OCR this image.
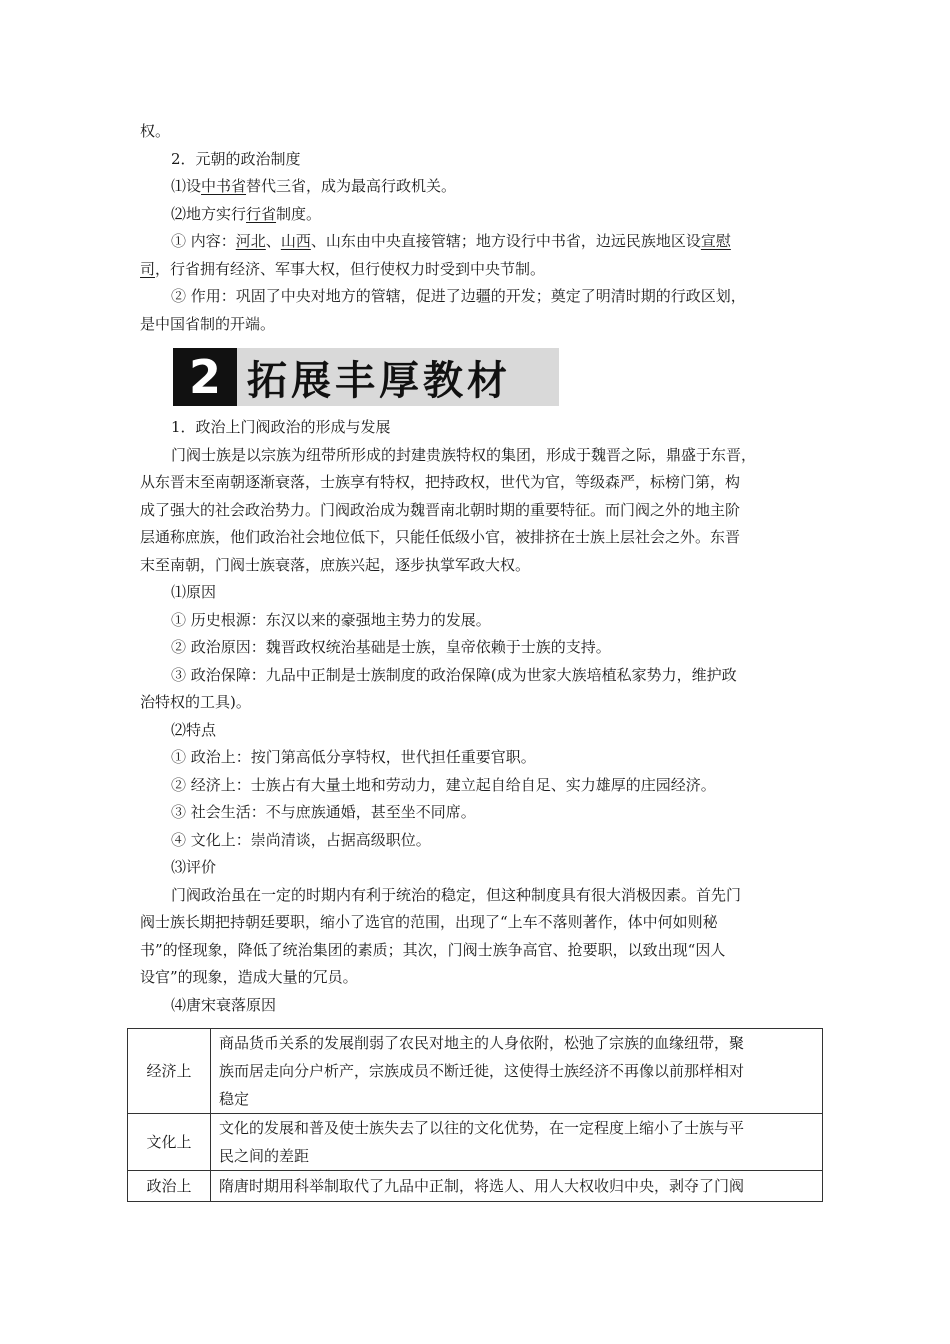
权。
2．元朝的政治制度
⑴设中书省替代三省，成为最高行政机关。
⑵地方实行行省制度。
① 内容：河北、山西、山东由中央直接管辖；地方设行中书省，边远民族地区设宣慰
司，行省拥有经济、军事大权，但行使权力时受到中央节制。
② 作用：巩固了中央对地方的管辖，促进了边疆的开发；奠定了明清时期的行政区划，
是中国省制的开端。
2 拓展丰厚教材
1．政治上门阀政治的形成与发展
门阀士族是以宗族为纽带所形成的封建贵族特权的集团，形成于魏晋之际，鼎盛于东晋，
从东晋末至南朝逐渐衰落，士族享有特权，把持政权，世代为官，等级森严，标榜门第，构
成了强大的社会政治势力。门阀政治成为魏晋南北朝时期的重要特征。而门阀之外的地主阶
层通称庶族，他们政治社会地位低下，只能任低级小官，被排挤在士族上层社会之外。东晋
末至南朝，门阀士族衰落，庶族兴起，逐步执掌军政大权。
⑴原因
① 历史根源：东汉以来的豪强地主势力的发展。
② 政治原因：魏晋政权统治基础是士族，皇帝依赖于士族的支持。
③ 政治保障：九品中正制是士族制度的政治保障(成为世家大族培植私家势力，维护政
治特权的工具)。
⑵特点
① 政治上：按门第高低分享特权，世代担任重要官职。
② 经济上：士族占有大量土地和劳动力，建立起自给自足、实力雄厚的庄园经济。
③ 社会生活：不与庶族通婚，甚至坐不同席。
④ 文化上：崇尚清谈，占据高级职位。
⑶评价
门阀政治虽在一定的时期内有利于统治的稳定，但这种制度具有很大消极因素。首先门
阀士族长期把持朝廷要职，缩小了选官的范围，出现了“上车不落则著作，体中何如则秘
书”的怪现象，降低了统治集团的素质；其次，门阀士族争高官、抢要职，以致出现“因人
设官”的现象，造成大量的冗员。
⑷唐宋衰落原因
经济上	商品货币关系的发展削弱了农民对地主的人身依附，松弛了宗族的血缘纽带，聚
族而居走向分户析产，宗族成员不断迁徙，这使得士族经济不再像以前那样相对
稳定

文化上	文化的发展和普及使士族失去了以往的文化优势，在一定程度上缩小了士族与平
民之间的差距

政治上	隋唐时期用科举制取代了九品中正制，将选人、用人大权收归中央，剥夺了门阀
